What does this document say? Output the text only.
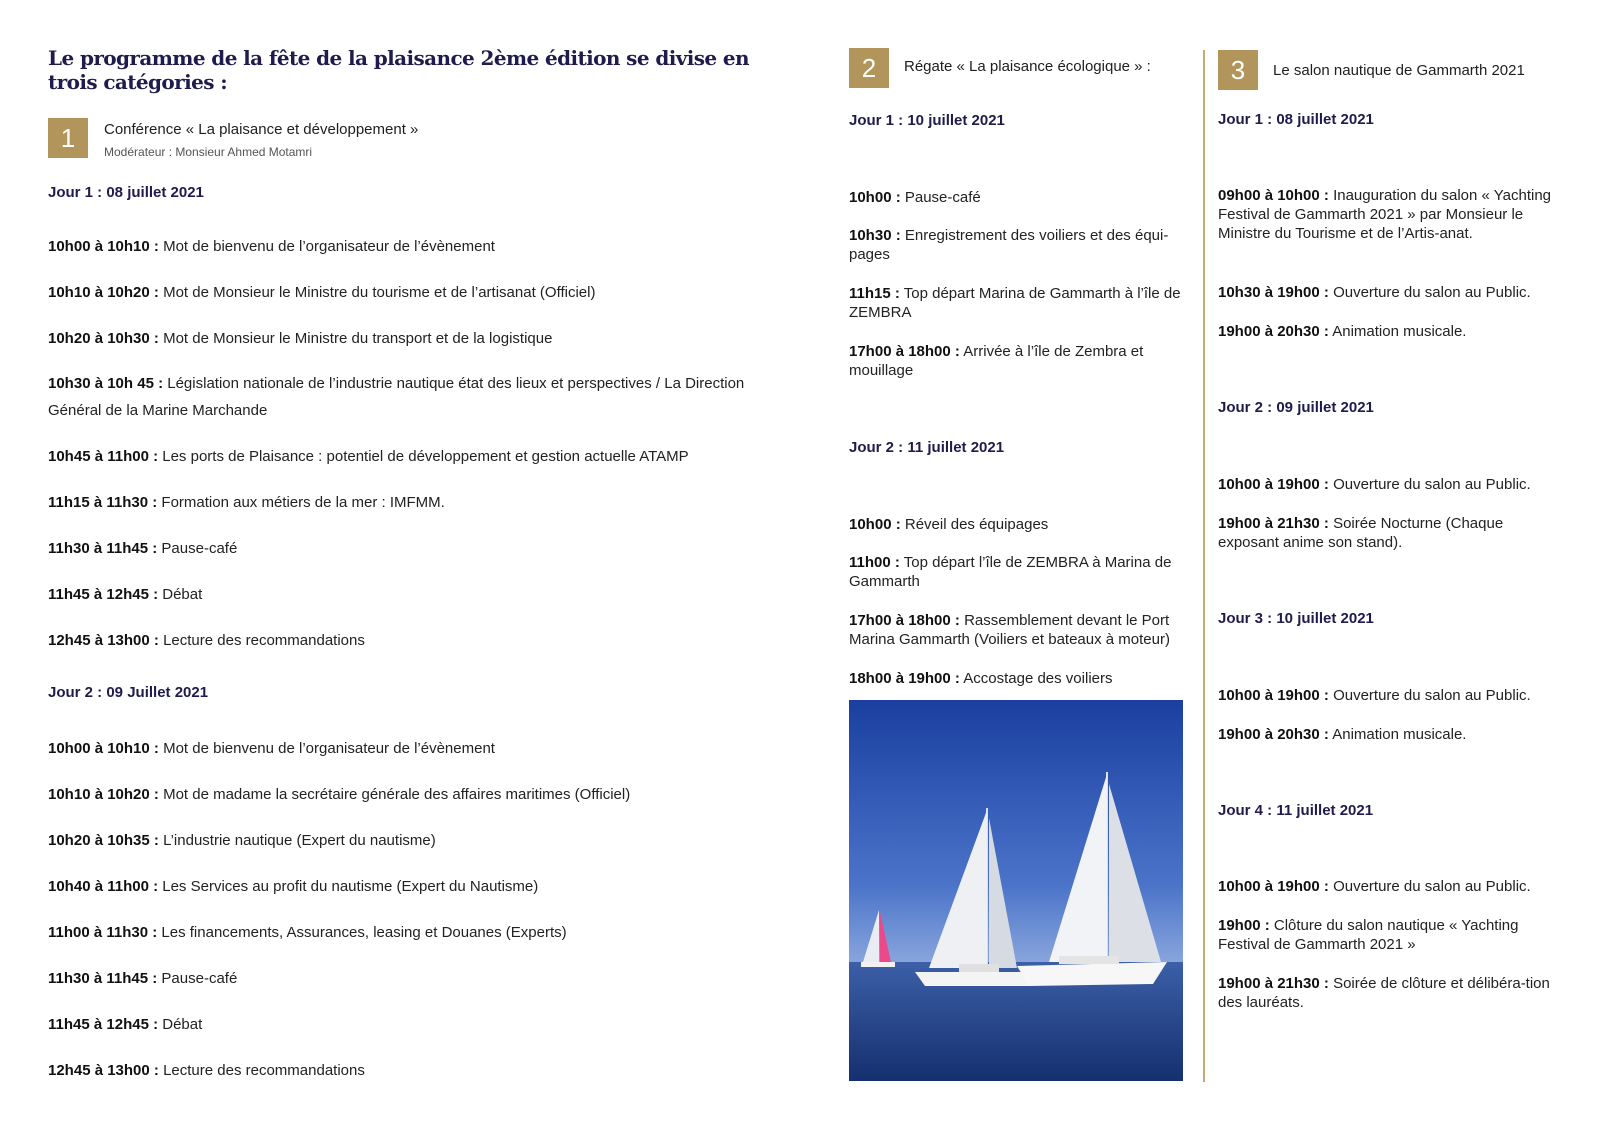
Le programme de la fête de la plaisance 2ème édition se divise en trois catégories :
1	Conférence « La plaisance et développement »
Modérateur : Monsieur Ahmed Motamri
Jour 1 : 08 juillet 2021

10h00 à 10h10 : Mot de bienvenu de l’organisateur de l’évènement

10h10 à 10h20 : Mot de Monsieur le Ministre du tourisme et de l’artisanat (Officiel)

10h20 à 10h30 : Mot de Monsieur le Ministre du transport et de la logistique

10h30 à 10h 45 : Législation nationale de l’industrie nautique état des lieux et perspectives / La Direction Général de la Marine Marchande

10h45 à 11h00 : Les ports de Plaisance : potentiel de développement et gestion actuelle ATAMP

11h15 à 11h30 : Formation aux métiers de la mer : IMFMM.

11h30 à 11h45 : Pause-café

11h45 à 12h45 : Débat

12h45 à 13h00 : Lecture des recommandations

Jour 2 : 09 Juillet 2021

10h00 à 10h10 : Mot de bienvenu de l’organisateur de l’évènement

10h10 à 10h20 : Mot de madame la secrétaire générale des affaires maritimes (Officiel)

10h20 à 10h35 : L’industrie nautique (Expert du nautisme)

10h40 à 11h00 : Les Services au profit du nautisme (Expert du Nautisme)

11h00 à 11h30 : Les financements, Assurances, leasing et Douanes (Experts)

11h30 à 11h45 : Pause-café

11h45 à 12h45 : Débat

12h45 à 13h00 : Lecture des recommandations

2	Régate « La plaisance écologique » :
Jour 1 : 10 juillet 2021

10h00 : Pause-café

10h30 : Enregistrement des voiliers et des équi-pages

11h15 : Top départ Marina de Gammarth à l’île de ZEMBRA

17h00 à 18h00 : Arrivée à l’île de Zembra et mouillage

Jour 2 : 11 juillet 2021

10h00 : Réveil des équipages

11h00 : Top départ l’île de ZEMBRA à Marina de Gammarth

17h00 à 18h00 : Rassemblement devant le Port Marina Gammarth (Voiliers et bateaux à moteur)

18h00 à 19h00 : Accostage des voiliers

3	Le salon nautique de Gammarth 2021
Jour 1 : 08 juillet 2021

09h00 à 10h00 : Inauguration du salon « Yachting Festival de Gammarth 2021 » par Monsieur le Ministre du Tourisme et de l’Artis-anat.

10h30 à 19h00 : Ouverture du salon au Public.

19h00 à 20h30 : Animation musicale.

Jour 2 : 09 juillet 2021

10h00 à 19h00 : Ouverture du salon au Public.

19h00 à 21h30 : Soirée Nocturne (Chaque exposant anime son stand).

Jour 3 : 10 juillet 2021

10h00 à 19h00 : Ouverture du salon au Public.

19h00 à 20h30 : Animation musicale.

Jour 4 : 11 juillet 2021

10h00 à 19h00 : Ouverture du salon au Public.

19h00 : Clôture du salon nautique « Yachting Festival de Gammarth 2021 »

19h00 à 21h30 : Soirée de clôture et délibéra-tion des lauréats.
